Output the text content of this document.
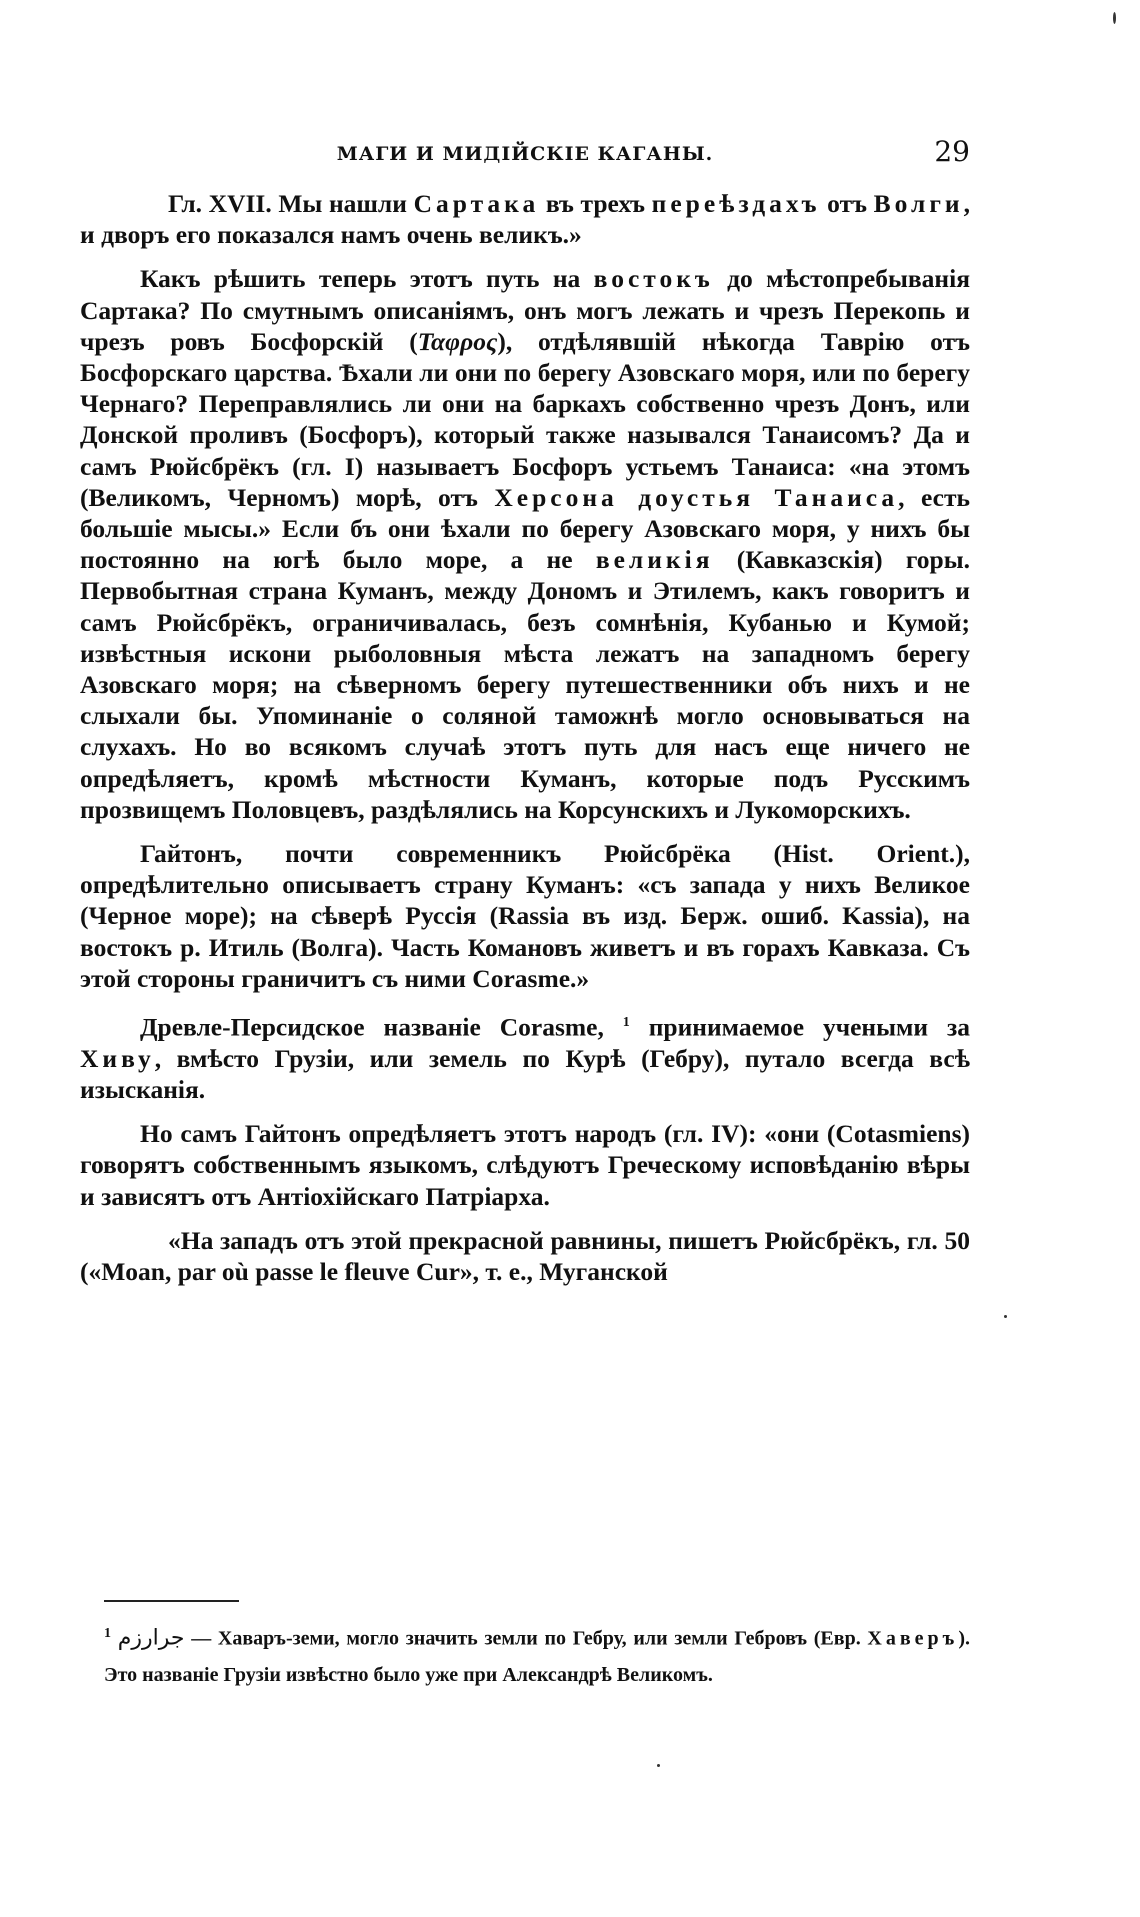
МАГИ И МИДІЙСКІЕ КАГАНЫ.	29

Гл. XVII. Мы нашли Сартака въ трехъ переѣздахъ отъ Волги, и дворъ его показался намъ очень великъ.»

Какъ рѣшить теперь этотъ путь на востокъ до мѣстопребыванія Сартака? По смутнымъ описаніямъ, онъ могъ лежать и чрезъ Перекопь и чрезъ ровъ Босфорскій (Ταφρος), отдѣлявшій нѣкогда Таврію отъ Босфорскаго царства. Ѣхали ли они по берегу Азовскаго моря, или по берегу Чернаго? Переправлялись ли они на баркахъ собственно чрезъ Донъ, или Донской проливъ (Босфоръ), который также назывался Танаисомъ? Да и самъ Рюйсбрёкъ (гл. I) называетъ Босфоръ устьемъ Танаиса: «на этомъ (Великомъ, Черномъ) морѣ, отъ Херсона доустья Танаиса, есть большіе мысы.» Если бъ они ѣхали по берегу Азовскаго моря, у нихъ бы постоянно на югѣ было море, а не великія (Кавказскія) горы. Первобытная страна Куманъ, между Дономъ и Этилемъ, какъ говоритъ и самъ Рюйсбрёкъ, ограничивалась, безъ сомнѣнія, Кубанью и Кумой; извѣстныя искони рыболовныя мѣста лежатъ на западномъ берегу Азовскаго моря; на сѣверномъ берегу путешественники объ нихъ и не слыхали бы. Упоминаніе о соляной таможнѣ могло основываться на слухахъ. Но во всякомъ случаѣ этотъ путь для насъ еще ничего не опредѣляетъ, кромѣ мѣстности Куманъ, которые подъ Русскимъ прозвищемъ Половцевъ, раздѣлялись на Корсунскихъ и Лукоморскихъ.

Гайтонъ, почти современникъ Рюйсбрёка (Hist. Orient.), опредѣлительно описываетъ страну Куманъ: «съ запада у нихъ Великое (Черное море); на сѣверѣ Руссія (Rassia въ изд. Берж. ошиб. Kassia), на востокъ р. Итиль (Волга). Часть Комановъ живетъ и въ горахъ Кавказа. Съ этой стороны граничитъ съ ними Corasme.»

Древле-Персидское названіе Corasme, $^1$ принимаемое учеными за Хиву, вмѣсто Грузіи, или земель по Курѣ (Гебру), путало всегда всѣ изысканія.

Но самъ Гайтонъ опредѣляетъ этотъ народъ (гл. IV): «они (Cotasmiens) говорятъ собственнымъ языкомъ, слѣдуютъ Греческому исповѣданію вѣры и зависятъ отъ Антіохійскаго Патріарха.

«На западъ отъ этой прекрасной равнины, пишетъ Рюйсбрёкъ, гл. 50 («Moan, par où passe le fleuve Cur», т. е., Муганской

$^1$ جرارزم — Хаваръ-земи, могло значить земли по Гебру, или земли Гебровъ (Евр. Хаверъ). Это названіе Грузіи извѣстно было уже при Александрѣ Великомъ.
